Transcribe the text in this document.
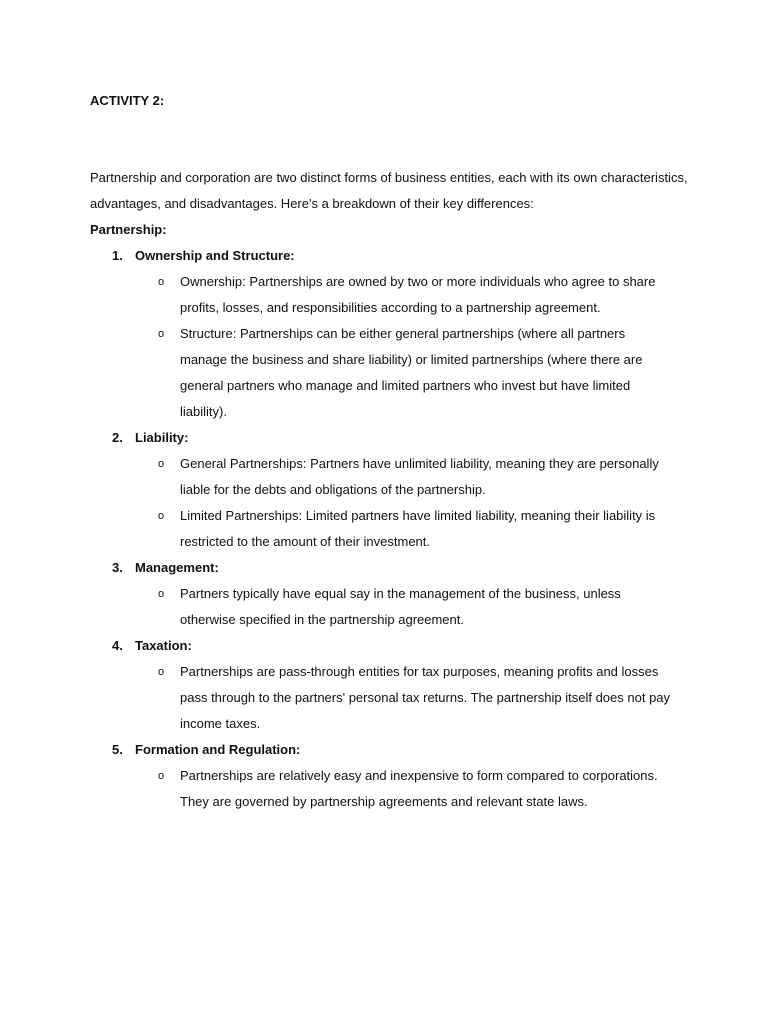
ACTIVITY 2:
Partnership and corporation are two distinct forms of business entities, each with its own characteristics, advantages, and disadvantages. Here's a breakdown of their key differences:
Partnership:
1. Ownership and Structure:
o Ownership: Partnerships are owned by two or more individuals who agree to share profits, losses, and responsibilities according to a partnership agreement.
o Structure: Partnerships can be either general partnerships (where all partners manage the business and share liability) or limited partnerships (where there are general partners who manage and limited partners who invest but have limited liability).
2. Liability:
o General Partnerships: Partners have unlimited liability, meaning they are personally liable for the debts and obligations of the partnership.
o Limited Partnerships: Limited partners have limited liability, meaning their liability is restricted to the amount of their investment.
3. Management:
o Partners typically have equal say in the management of the business, unless otherwise specified in the partnership agreement.
4. Taxation:
o Partnerships are pass-through entities for tax purposes, meaning profits and losses pass through to the partners' personal tax returns. The partnership itself does not pay income taxes.
5. Formation and Regulation:
o Partnerships are relatively easy and inexpensive to form compared to corporations. They are governed by partnership agreements and relevant state laws.
